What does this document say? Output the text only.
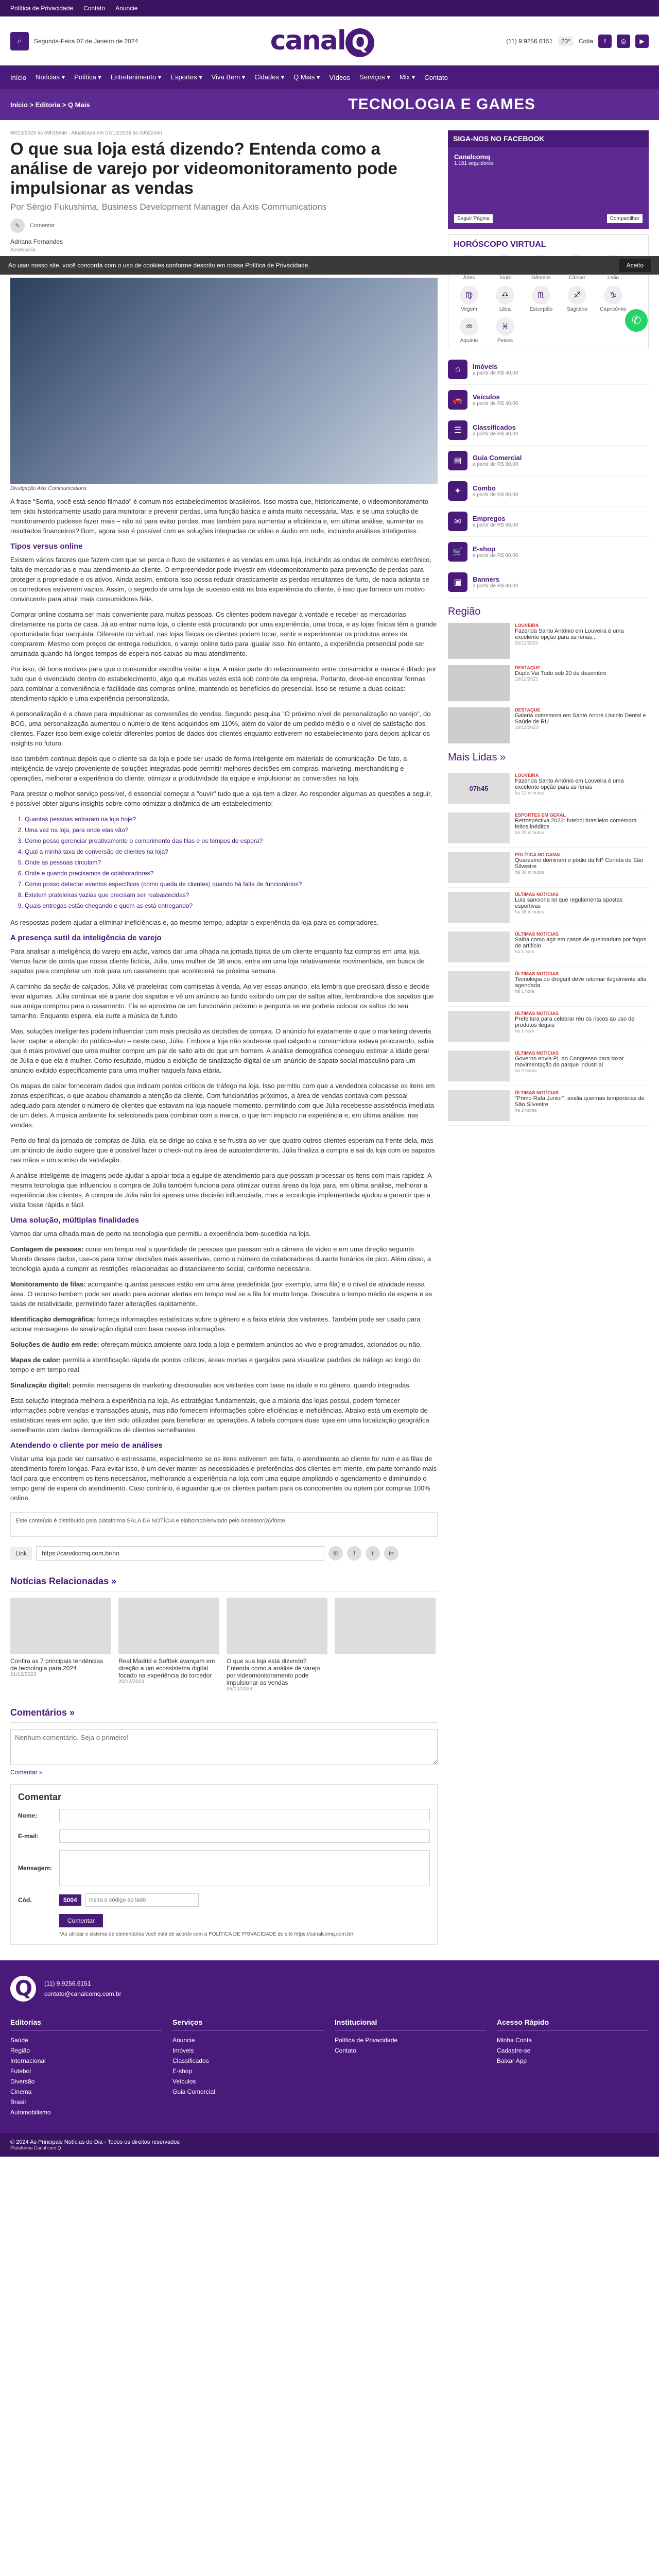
Política de Privacidade Contato Anuncie
⌕	Segunda-Feira 07 de Janeiro de 2024	canal Q	(11) 9.9256.6151	23°	Cotia	f	◎	▶
Início Notícias ▾ Política ▾ Entretenimento ▾ Esportes ▾ Viva Bem ▾ Cidades ▾ Q Mais ▾ Vídeos Serviços ▾ Mix ▾ Contato
Início > Editoria > Q Mais	TECNOLOGIA E GAMES
06/12/2023 às 09h10min - Atualizada em 07/12/2023 às 09h22min
O que sua loja está dizendo? Entenda como a análise de varejo por videomonitoramento pode impulsionar as vendas
Por Sérgio Fukushima, Business Development Manager da Axis Communications
✎	Comentar
Adriana Fernandes
Assessoria
Ao usar nosso site, você concorda com o uso de cookies conforme descrito em nossa Política de Privacidade.	Aceito
Divulgação Axis Communications

A frase "Sorria, você está sendo filmado" é comum nos estabelecimentos brasileiros. Isso mostra que, historicamente, o videomonitoramento tem sido historicamente usado para monitorar e prevenir perdas, uma função básica e ainda muito necessária. Mas, e se uma solução de monitoramento pudesse fazer mais – não só para evitar perdas, mas também para aumentar a eficiência e, em última análise, aumentar os resultados financeiros? Bom, agora isso é possível com as soluções integradas de vídeo e áudio em rede, incluindo análises inteligentes.

Tipos versus online

Existem vários fatores que fazem com que se perca o fluxo de visitantes e as vendas em uma loja, incluindo as ondas de comércio eletrônico, falta de mercadorias e mau atendimento ao cliente. O empreendedor pode investir em videomonitoramento para prevenção de perdas para proteger a propriedade e os ativos. Ainda assim, embora isso possa reduzir drasticamente as perdas resultantes de furto, de nada adianta se os corredores estiverem vazios. Assim, o segredo de uma loja de sucesso está na boa experiência do cliente, é isso que fornece um motivo convincente para atrair mais consumidores fiéis.

Comprar online costuma ser mais conveniente para muitas pessoas. Os clientes podem navegar à vontade e receber as mercadorias diretamente na porta de casa. Já ao entrar numa loja, o cliente está procurando por uma experiência, uma troca, e as lojas físicas têm a grande oportunidade ficar narquista. Diferente do virtual, nas lojas físicas os clientes podem tocar, sentir e experimentar os produtos antes de comprarem. Mesmo com preços de entrega reduzidos, o varejo online tudo para igualar isso. No entanto, a experiência presencial pode ser arruinada quando há longos tempos de espera nos caixas ou mau atendimento.

Por isso, dê bons motivos para que o consumidor escolha visitar a loja. A maior parte do relacionamento entre consumidor e marca é ditado por tudo que é vivenciado dentro do estabelecimento, algo que muitas vezes está sob controle da empresa. Portanto, deve-se encontrar formas para combinar a conveniência e facilidade das compras online, mantendo os benefícios do presencial. Isso se resume a duas coisas: atendimento rápido e uma experiência personalizada.

A personalização é a chave para impulsionar as conversões de vendas. Segundo pesquisa "O próximo nível de personalização no varejo", do BCG, uma personalização aumentou o número de itens adquiridos em 110%, além do valor de um pedido médio e o nível de satisfação dos clientes. Fazer isso bem exige coletar diferentes pontos de dados dos clientes enquanto estiverem no estabelecimento para depois aplicar os insights no futuro.

Isso também continua depois que o cliente sai da loja e pode ser usado de forma inteligente em materiais de comunicação. De fato, a inteligência de varejo proveniente de soluções integradas pode permitir melhores decisões em compras, marketing, merchandising e operações, melhorar a experiência do cliente, otimizar a produtividade da equipe e impulsionar as conversões na loja.

Para prestar o melhor serviço possível, é essencial começar a "ouvir" tudo que a loja tem a dizer. Ao responder algumas as questões a seguir, é possível obter alguns insights sobre como otimizar a dinâmica de um estabelecimento:

1. Quantas pessoas entraram na loja hoje?
2. Uma vez na loja, para onde elas vão?
3. Como posso gerenciar proativamente o comprimento das filas e os tempos de espera?
4. Qual a minha taxa de conversão de clientes na loja?
5. Onde as pessoas circulam?
6. Onde e quando precisamos de colaboradores?
7. Como posso detectar eventos específicos (como queda de clientes) quando há falta de funcionários?
8. Existem prateleiras vazias que precisam ser reabastecidas?
9. Quais entregas estão chegando e quem as está entregando?

As respostas podem ajudar a eliminar ineficiências e, ao mesmo tempo, adaptar a experiência da loja para os compradores.

A presença sutil da inteligência de varejo

Para analisar a inteligência do varejo em ação, vamos dar uma olhada na jornada típica de um cliente enquanto faz compras em uma loja. Vamos fazer de conta que nossa cliente fictícia, Júlia, uma mulher de 38 anos, entra em uma loja relativamente movimentada, em busca de sapatos para completar um look para um casamento que acontecerá na próxima semana.

A caminho da seção de calçados, Júlia vê prateleiras com camisetas à venda. Ao ver essas anúncio, ela lembra que precisará disso e decide levar algumas. Júlia continua até a parte dos sapatos e vê um anúncio ao fundo exibindo um par de saltos altos, lembrando-a dos sapatos que sua amiga comprou para o casamento. Ela se aproxima de um funcionário próximo e pergunta se ele poderia colocar os saltos do seu tamanho. Enquanto espera, ela curte a música de fundo.

Mas, soluções inteligentes podem influenciar com mais precisão as decisões de compra. O anúncio foi exatamente o que o marketing deveria fazer: captar a atenção do público-alvo – neste caso, Júlia. Embora a loja não soubesse qual calçado a consumidora estava procurando, sabia que é mais provável que uma mulher compre um par de salto alto do que um homem. A análise demográfica conseguiu estimar a idade geral de Júlia e que ela é mulher. Como resultado, mudou a exibição de sinalização digital de um anúncio de sapato social masculino para um anúncio exibido especificamente para uma mulher naquela faixa etária.

Os mapas de calor forneceram dados que indicam pontos críticos de tráfego na loja. Isso permitiu com que a vendedora colocasse os itens em zonas específicas, o que acabou chamando a atenção da cliente. Com funcionários próximos, a área de vendas contava com pessoal adequado para atender o número de clientes que estavam na loja naquele momento, permitindo com que Júlia recebesse assistência imediata de um deles. A música ambiente foi selecionada para combinar com a marca, o que tem impacto na experiência e, em última análise, nas vendas.

Perto do final da jornada de compras de Júlia, ela se dirige ao caixa e se frustra ao ver que quatro outros clientes esperam na frente dela, mas um anúncio de áudio sugere que é possível fazer o check-out na área de autoatendimento. Júlia finaliza a compra e sai da loja com os sapatos nas mãos e um sorriso de satisfação.

A análise inteligente de imagens pode ajudar a apoiar toda a equipe de atendimento para que possam processar os itens com mais rapidez. A mesma tecnologia que influenciou a compra de Júlia também funciona para otimizar outras áreas da loja para, em última análise, melhorar a experiência dos clientes. A compra de Júlia não foi apenas uma decisão influenciada, mas a tecnologia implementada ajudou a garantir que a visita fosse rápida e fácil.

Uma solução, múltiplas finalidades

Vamos dar uma olhada mais de perto na tecnologia que permitiu a experiência bem-sucedida na loja.

Contagem de pessoas: conte em tempo real a quantidade de pessoas que passam sob a câmera de vídeo e em uma direção seguinte. Munido desses dados, use-os para tomar decisões mais assertivas, como o número de colaboradores durante horários de pico. Além disso, a tecnologia ajuda a cumprir as restrições relacionadas ao distanciamento social, conforme necessário.

Monitoramento de filas: acompanhe quantas pessoas estão em uma área predefinida (por exemplo, uma fila) e o nível de atividade nessa área. O recurso também pode ser usado para acionar alertas em tempo real se a fila for muito longa. Descubra o tempo médio de espera e as taxas de rotatividade, permitindo fazer alterações rapidamente.

Identificação demográfica: forneça informações estatísticas sobre o gênero e a faixa etária dos visitantes. Também pode ser usado para acionar mensagens de sinalização digital com base nessas informações.

Soluções de áudio em rede: ofereçam música ambiente para toda a loja e permitem anúncios ao vivo e programados, acionados ou não.

Mapas de calor: permita a identificação rápida de pontos críticos, áreas mortas e gargalos para visualizar padrões de tráfego ao longo do tempo e em tempo real.

Sinalização digital: permite mensagens de marketing direcionadas aos visitantes com base na idade e no gênero, quando integradas.

Esta solução integrada melhora a experiência na loja. As estratégias fundamentais, que a maioria das lojas possui, podem fornecer informações sobre vendas e transações atuais, mas não fornecem informações sobre eficiências e ineficiências. Abaixo está um exemplo de estatísticas reais em ação, que têm sido utilizadas para beneficiar as operações. A tabela compara duas lojas em uma localização geográfica semelhante com dados demográficos de clientes semelhantes.

Atendendo o cliente por meio de análises

Visitar uma loja pode ser cansativo e estressante, especialmente se os itens estiverem em falta, o atendimento ao cliente for ruim e as filas de atendimento forem longas. Para evitar isso, é um dever manter as necessidades e preferências dos clientes em mente, em parte tornando mais fácil para que encontrem os itens necessários, melhorando a experiência na loja com uma equipe ampliando o agendamento e diminuindo o tempo geral de espera do atendimento. Caso contrário, é aguardar que os clientes partam para os concorrentes ou optem por compras 100% online.

Este conteúdo é distribuído pela plataforma SALA DA NOTÍCIA e elaborado/enviado pelo Assessor(a)/fonte.
Link	https://canalcomq.com.br/no	✆	f	t	in
Notícias Relacionadas »
Confira as 7 principais tendências de tecnologia para 2024
21/12/2023
Real Madrid e Softtek avançam em direção a um ecossistema digital focado na experiência do torcedor
20/12/2023
O que sua loja está dizendo? Entenda como a análise de varejo por videomonitoramento pode impulsionar as vendas
06/12/2023
Comentários »
Nenhum comentário. Seja o primeiro!
Comentar »
Comentar
Nome:
E-mail:
Mensagem:
Cód.	5004
Insira o código ao lado
Comentar
*Ao utilizar o sistema de comentários você está de acordo com a POLÍTICA DE PRIVACIDADE do site https://canalcomq.com.br/.
SIGA-NOS NO FACEBOOK
Canalcomq
1.181 seguidores
Seguir Página	Compartilhar
HORÓSCOPO VIRTUAL
Áries	Touro	Gêmeos	Câncer	Leão
♍
Virgem
♎
Libra
♏
Escorpião
♐
Sagitário
♑
Capricórnio
♒
Aquário
♓
Peixes
⌂	Imóveis
a partir de R$ 40,00
🚗	Veículos
a partir de R$ 40,00
☰	Classificados
a partir de R$ 40,00
▤	Guia Comercial
a partir de R$ 80,00
✦	Combo
a partir de R$ 80,00
✉	Empregos
a partir de R$ 40,00
🛒	E-shop
a partir de R$ 80,00
▣	Banners
a partir de R$ 80,00
Região
LOUVEIRA
Fazenda Santo Antônio em Louveira é uma excelente opção para as férias...
29/12/2023
DESTAQUE
Dupla Vai Tudo sob 20 de dezembro
18/12/2023
DESTAQUE
Galeria comemora em Santo André Lincoln Dental e Saúde de RU
18/12/2023
Mais Lidas »
07h45
LOUVEIRA
Fazenda Santo Antônio em Louveira é uma excelente opção para as férias
há 12 minutos
ESPORTES EM GERAL
Retrospectiva 2023: futebol brasileiro comemora feitos inéditos
há 20 minutos
POLÍTICA NO CANAL
Quaresmo dominam o pódio da NP Corrida de São Silvestre
há 30 minutos
ÚLTIMAS NOTÍCIAS
Lula sanciona lei que regulamenta apostas esportivas
há 38 minutos
ÚLTIMAS NOTÍCIAS
Saiba como agir em casos de queimadura por fogos de artifício
há 1 hora
ÚLTIMAS NOTÍCIAS
Tecnologia do drogaril deve retomar ilegalmente alta agendada
há 1 hora
ÚLTIMAS NOTÍCIAS
Prefeitura para celebrar réu os riscos ao uso de produtos ilegais
há 1 hora
ÚLTIMAS NOTÍCIAS
Governo envia PL ao Congresso para taxar movimentação do parque industrial
há 2 horas
ÚLTIMAS NOTÍCIAS
"Primo Rafa Junior", avalia queimas temporárias de São Silvestre
há 2 horas
✆
Q	(11) 9.9256.6151
contato@canalcomq.com.br
Editorias
Saúde
Região
Internacional
Futebol
Diversão
Cinema
Brasil
Automobilismo
Serviços
Anuncie
Imóveis
Classificados
E-shop
Veículos
Guia Comercial
Institucional
Política de Privacidade
Contato
Acesso Rápido
Minha Conta
Cadastre-se
Baixar App
© 2024 As Principais Notícias do Dia - Todos os direitos reservados
Plataforma Canal com Q
